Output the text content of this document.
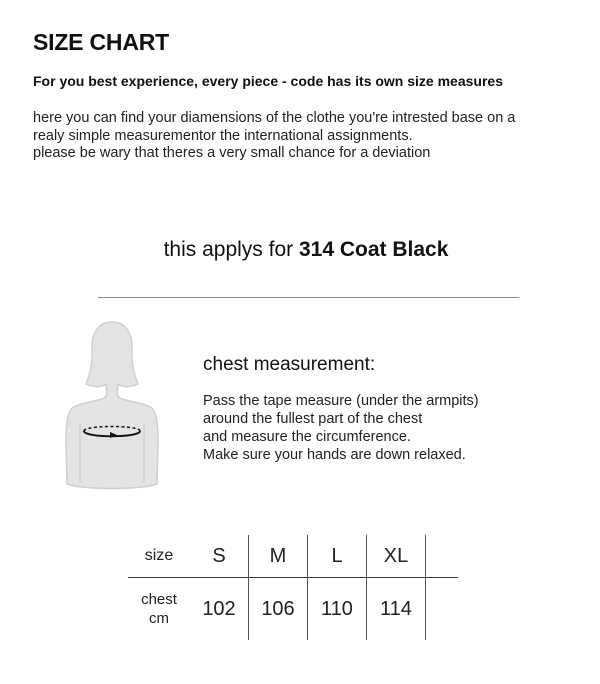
SIZE CHART
For you best experience, every piece - code has its own size measures
here you can find your diamensions of the clothe you're intrested base on a
realy simple measurementor the international assignments.
please be wary that theres a very small chance for a deviation
this applys for 314 Coat Black
chest measurement:
Pass the tape measure (under the armpits)
around the fullest part of the chest
and measure the circumference.
Make sure your hands are down relaxed.
size	S	M	L	XL	
chest
cm	102	106	110	114	
